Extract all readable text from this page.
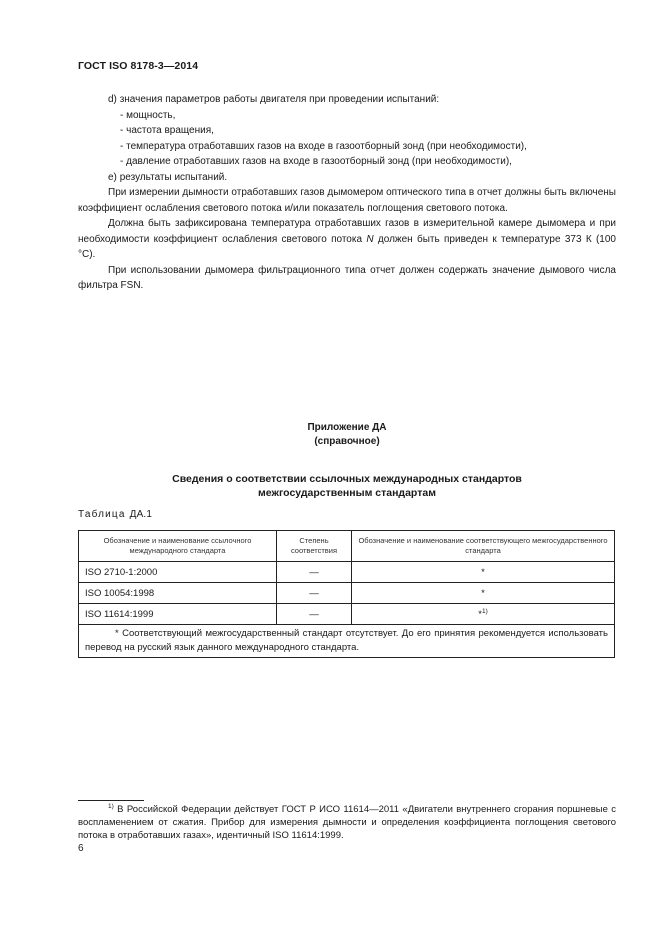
ГОСТ ISO 8178-3—2014
d) значения параметров работы двигателя при проведении испытаний:
- мощность,
- частота вращения,
- температура отработавших газов на входе в газоотборный зонд (при необходимости),
- давление отработавших газов на входе в газоотборный зонд (при необходимости),
e) результаты испытаний.

При измерении дымности отработавших газов дымомером оптического типа в отчет должны быть включены коэффициент ослабления светового потока и/или показатель поглощения светового потока.

Должна быть зафиксирована температура отработавших газов в измерительной камере дымомера и при необходимости коэффициент ослабления светового потока N должен быть приведен к температуре 373 К (100 °С).

При использовании дымомера фильтрационного типа отчет должен содержать значение дымового числа фильтра FSN.

Приложение ДА
(справочное)
Сведения о соответствии ссылочных международных стандартов
межгосударственным стандартам
Таблица ДА.1
Обозначение и наименование ссылочного международного стандарта	Степень соответствия	Обозначение и наименование соответствующего межгосударственного стандарта
ISO 2710-1:2000	—	*
ISO 10054:1998	—	*
ISO 11614:1999	—	*$^{1)}$
* Соответствующий межгосударственный стандарт отсутствует. До его принятия рекомендуется использовать перевод на русский язык данного международного стандарта.		
$^{1)}$ В Российской Федерации действует ГОСТ Р ИСО 11614—2011 «Двигатели внутреннего сгорания поршневые с воспламенением от сжатия. Прибор для измерения дымности и определения коэффициента поглощения светового потока в отработавших газах», идентичный ISO 11614:1999.
6
